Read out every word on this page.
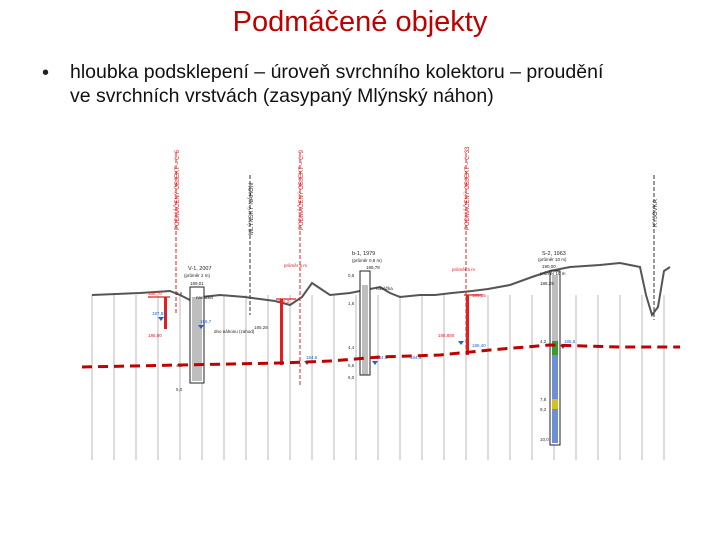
Podmáčené objekty
• hloubka podsklepení – úroveň svrchního kolektoru – proudění
ve svrchních vrstvách (zasypaný Mlýnský náhon)
PODMÁČENÝ OBJEKT – č. 6	MLÝNSKÝ NÁHON	PODMÁČENÝ OBJEKT – č. 9	PODMÁČENÝ OBJEKT – č. 33	KYJOVKA
V-1, 2007
(průměr 2 m)
189,01
0,9
4,0
5,0
b-1, 1979
(průměr 0,9 m)
189,78
0,8
1,6
4,4
5,6
6,0
S-2, 1963
(průměr 10 m)
190,00
4,2
7,8
9,2
10,0
188,70
187,81
186,7
186,00
186,2
185,28
184,5	184,5
185,880
185,5
186,25
186,40
188,29
184,5
navážka
navážka
dno náhonu (zahod)
průměr 5 m
průměr 5 m
průměr 10 m
